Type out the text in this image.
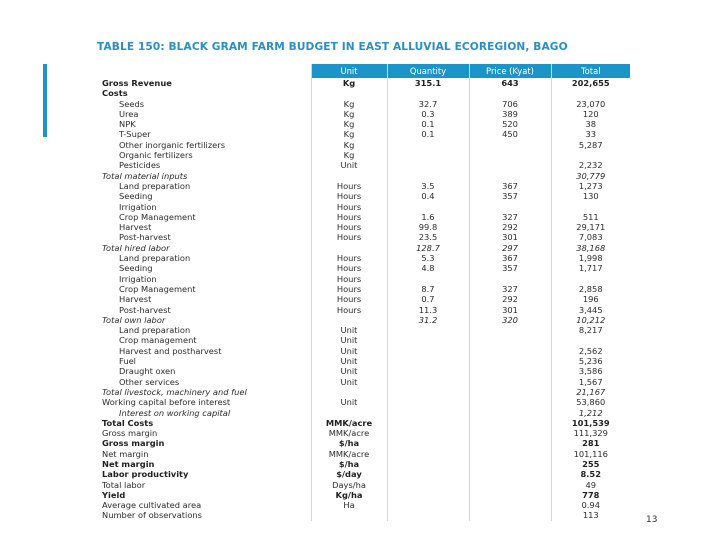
TABLE 150: BLACK GRAM FARM BUDGET IN EAST ALLUVIAL ECOREGION, BAGO
	Unit	Quantity	Price (Kyat)	Total
Gross Revenue	Kg	315.1	643	202,655
Costs				
Seeds	Kg	32.7	706	23,070
Urea	Kg	0.3	389	120
NPK	Kg	0.1	520	38
T-Super	Kg	0.1	450	33
Other inorganic fertilizers	Kg			5,287
Organic fertilizers	Kg			
Pesticides	Unit			2,232
Total material inputs				30,779
Land preparation	Hours	3.5	367	1,273
Seeding	Hours	0.4	357	130
Irrigation	Hours			
Crop Management	Hours	1.6	327	511
Harvest	Hours	99.8	292	29,171
Post-harvest	Hours	23.5	301	7,083
Total hired labor		128.7	297	38,168
Land preparation	Hours	5.3	367	1,998
Seeding	Hours	4.8	357	1,717
Irrigation	Hours			
Crop Management	Hours	8.7	327	2,858
Harvest	Hours	0.7	292	196
Post-harvest	Hours	11.3	301	3,445
Total own labor		31.2	320	10,212
Land preparation	Unit			8,217
Crop management	Unit			
Harvest and postharvest	Unit			2,562
Fuel	Unit			5,236
Draught oxen	Unit			3,586
Other services	Unit			1,567
Total livestock, machinery and fuel				21,167
Working capital before interest	Unit			53,860
Interest on working capital				1,212
Total Costs	MMK/acre			101,539
Gross margin	MMK/acre			111,329
Gross margin	$/ha			281
Net margin	MMK/acre			101,116
Net margin	$/ha			255
Labor productivity	$/day			8.52
Total labor	Days/ha			49
Yield	Kg/ha			778
Average cultivated area	Ha			0.94
Number of observations				113	13
